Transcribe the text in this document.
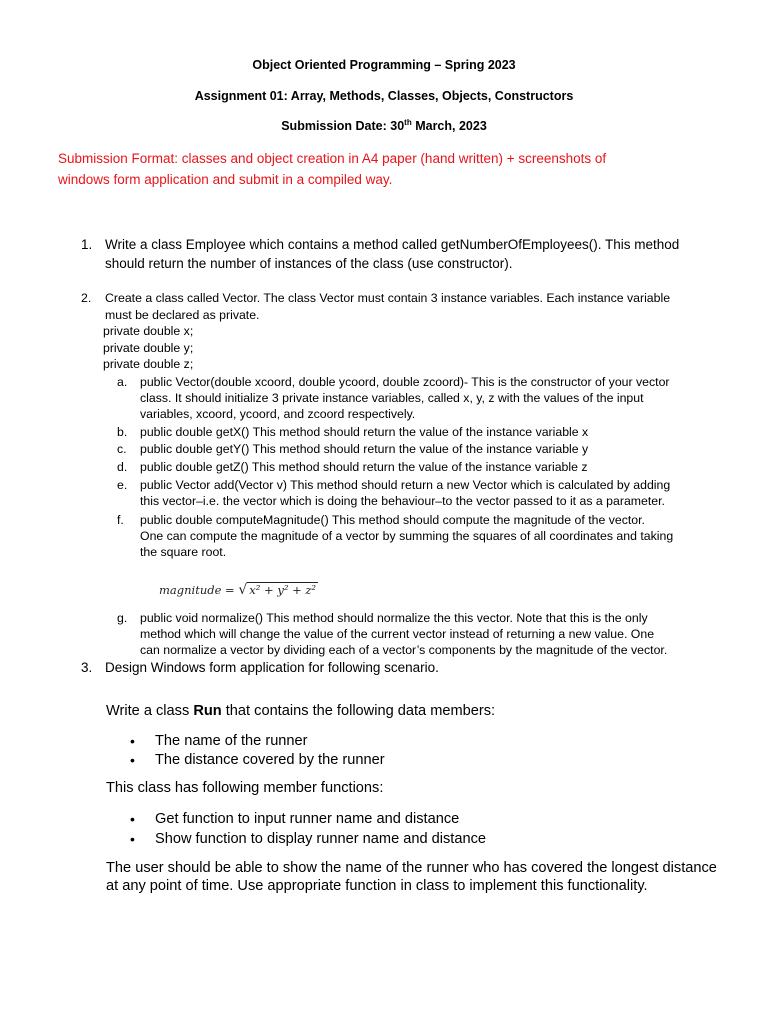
Object Oriented Programming – Spring 2023
Assignment 01: Array, Methods, Classes, Objects, Constructors
Submission Date: 30th March, 2023
Submission Format: classes and object creation in A4 paper (hand written) + screenshots of
windows form application and submit in a compiled way.
1. Write a class Employee which contains a method called getNumberOfEmployees(). This method
should return the number of instances of the class (use constructor).
2. Create a class called Vector. The class Vector must contain 3 instance variables. Each instance variable
must be declared as private.
private double x;
private double y;
private double z;
a. public Vector(double xcoord, double ycoord, double zcoord)- This is the constructor of your vector
class. It should initialize 3 private instance variables, called x, y, z with the values of the input
variables, xcoord, ycoord, and zcoord respectively.
b. public double getX() This method should return the value of the instance variable x
c. public double getY() This method should return the value of the instance variable y
d. public double getZ() This method should return the value of the instance variable z
e. public Vector add(Vector v) This method should return a new Vector which is calculated by adding
this vector–i.e. the vector which is doing the behaviour–to the vector passed to it as a parameter.
f. public double computeMagnitude() This method should compute the magnitude of the vector.
One can compute the magnitude of a vector by summing the squares of all coordinates and taking
the square root.
magnitude = √ x² + y² + z²
g. public void normalize() This method should normalize the this vector. Note that this is the only
method which will change the value of the current vector instead of returning a new value. One
can normalize a vector by dividing each of a vector’s components by the magnitude of the vector.
3. Design Windows form application for following scenario.
Write a class Run that contains the following data members:
• The name of the runner
• The distance covered by the runner
This class has following member functions:
• Get function to input runner name and distance
• Show function to display runner name and distance
The user should be able to show the name of the runner who has covered the longest distance
at any point of time. Use appropriate function in class to implement this functionality.
